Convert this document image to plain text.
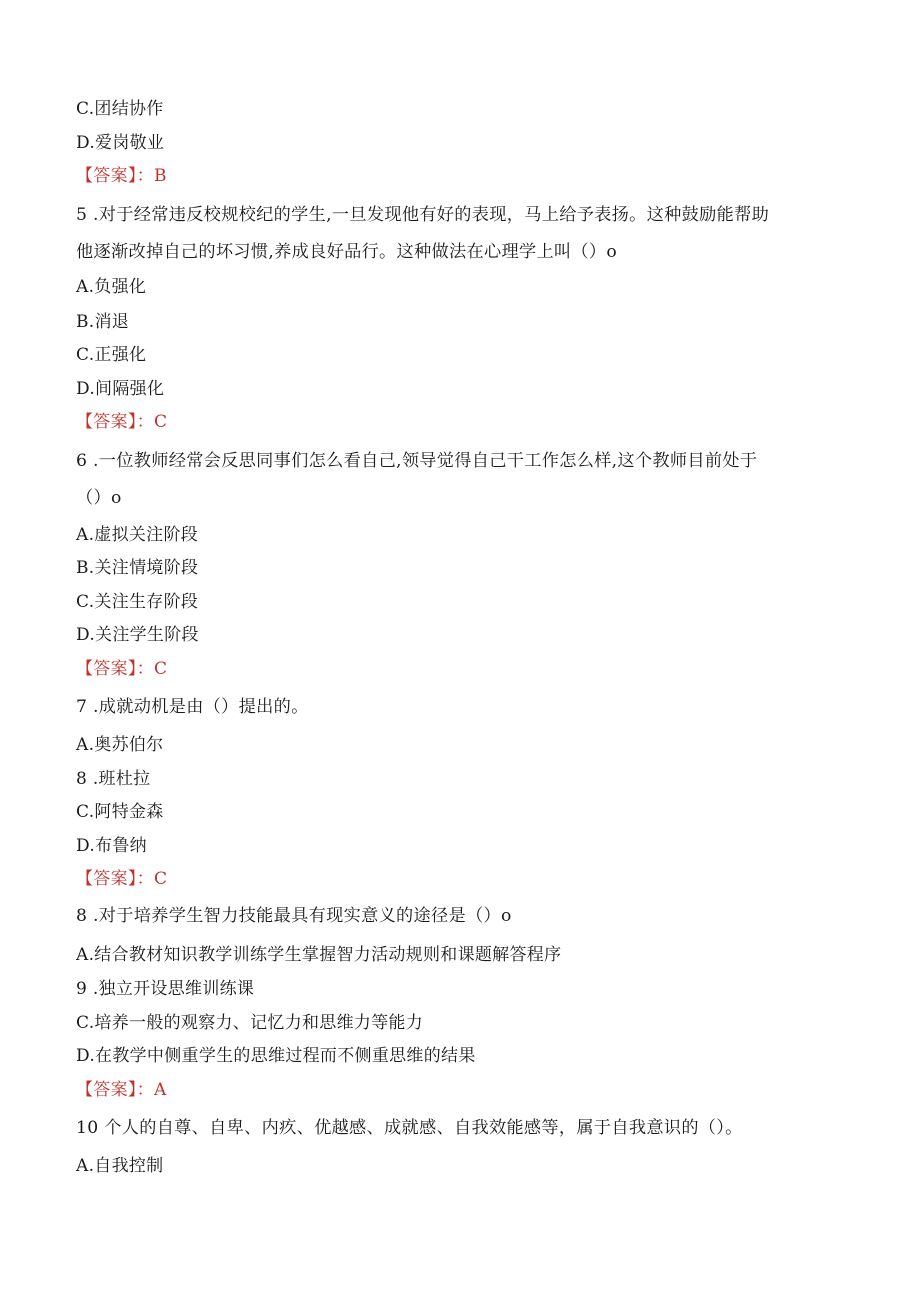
C.团结协作
D.爱岗敬业
【答案】：B
5 .对于经常违反校规校纪的学生,一旦发现他有好的表现，马上给予表扬。这种鼓励能帮助
他逐渐改掉自己的坏习惯,养成良好品行。这种做法在心理学上叫（）o
A.负强化
B.消退
C.正强化
D.间隔强化
【答案】：C
6 .一位教师经常会反思同事们怎么看自己,领导觉得自己干工作怎么样,这个教师目前处于
（）o
A.虚拟关注阶段
B.关注情境阶段
C.关注生存阶段
D.关注学生阶段
【答案】：C
7 .成就动机是由（）提出的。
A.奥苏伯尔
8 .班杜拉
C.阿特金森
D.布鲁纳
【答案】：C
8 .对于培养学生智力技能最具有现实意义的途径是（）o
A.结合教材知识教学训练学生掌握智力活动规则和课题解答程序
9 .独立开设思维训练课
C.培养一般的观察力、记忆力和思维力等能力
D.在教学中侧重学生的思维过程而不侧重思维的结果
【答案】：A
10 个人的自尊、自卑、内疚、优越感、成就感、自我效能感等，属于自我意识的（）。
A.自我控制
